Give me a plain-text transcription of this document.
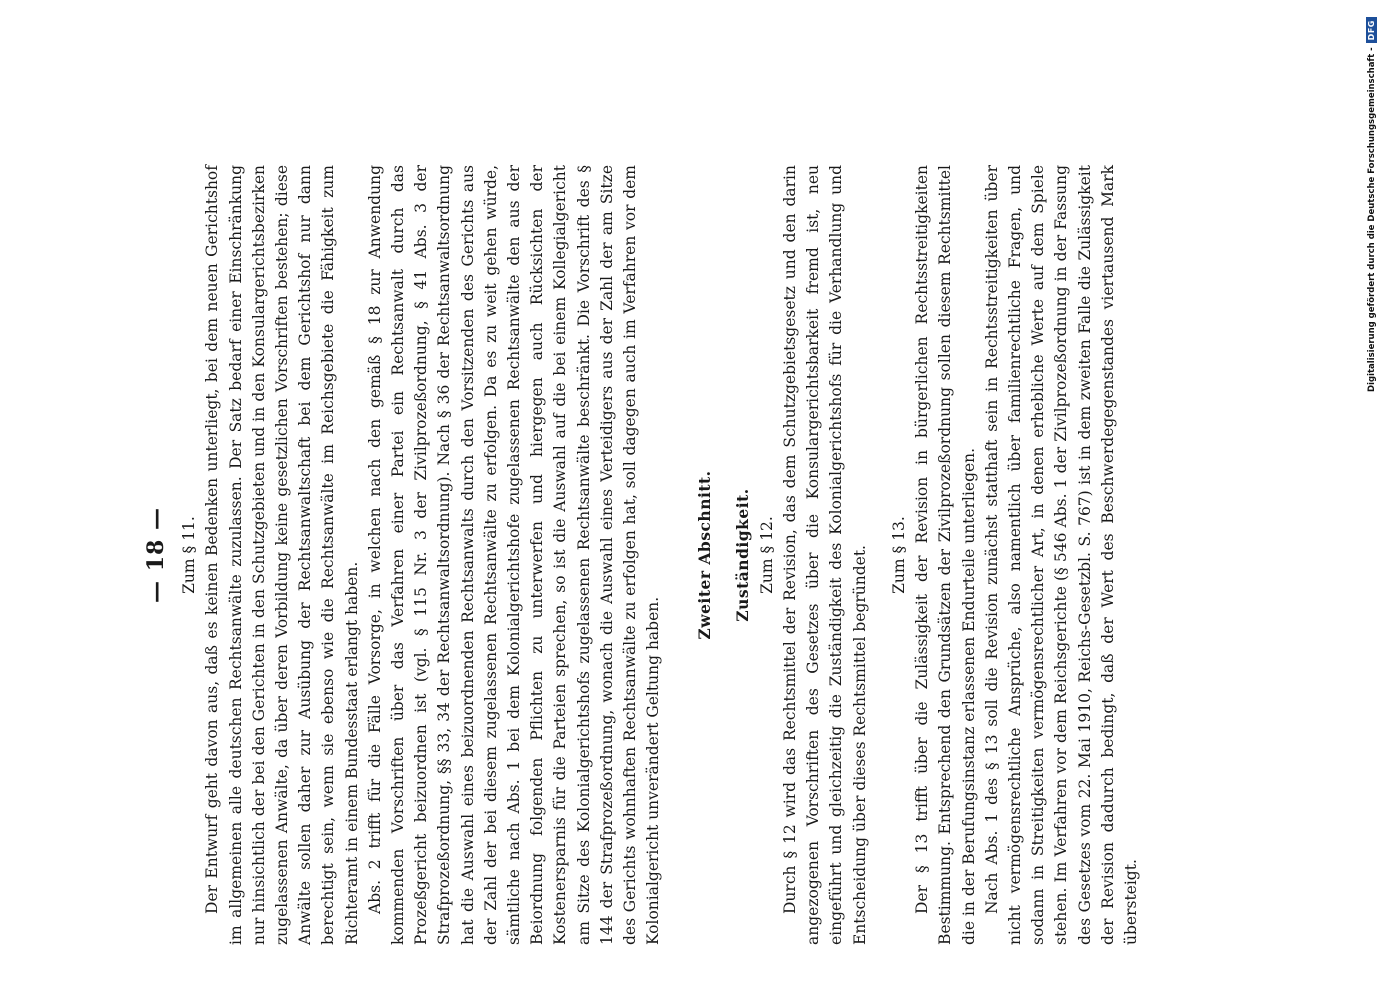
— 18 — Zum § 11. Der Entwurf geht davon aus, daß es keinen Bedenken unterliegt, bei dem neuen Gerichtshof im allgemeinen alle deutschen Rechtsanwälte zuzulassen. Der Satz bedarf einer Einschränkung nur hinsichtlich der bei den Gerichten in den Schutzgebieten und in den Konsulargerichtsbezirken zugelassenen Anwälte, da über deren Vorbildung keine gesetzlichen Vorschriften bestehen; diese Anwälte sollen daher zur Ausübung der Rechtsanwaltschaft bei dem Gerichtshof nur dann berechtigt sein, wenn sie ebenso wie die Rechtsanwälte im Reichsgebiete die Fähigkeit zum Richteramt in einem Bundesstaat erlangt haben. Abs. 2 trifft für die Fälle Vorsorge, in welchen nach den gemäß § 18 zur Anwendung kommenden Vorschriften über das Verfahren einer Partei ein Rechtsanwalt durch das Prozeßgericht beizuordnen ist (vgl. § 115 Nr. 3 der Zivilprozeßordnung, § 41 Abs. 3 der Strafprozeßordnung, §§ 33, 34 der Rechtsanwaltsordnung). Nach § 36 der Rechtsanwaltsordnung hat die Auswahl eines beizuordnenden Rechtsanwalts durch den Vorsitzenden des Gerichts aus der Zahl der bei diesem zugelassenen Rechtsanwälte zu erfolgen. Da es zu weit gehen würde, sämtliche nach Abs. 1 bei dem Kolonialgerichtshofe zugelassenen Rechtsanwälte den aus der Beiordnung folgenden Pflichten zu unterwerfen und hiergegen auch Rücksichten der Kostenersparnis für die Parteien sprechen, so ist die Auswahl auf die bei einem Kollegialgericht am Sitze des Kolonialgerichtshofs zugelassenen Rechtsanwälte beschränkt. Die Vorschrift des § 144 der Strafprozeßordnung, wonach die Auswahl eines Verteidigers aus der Zahl der am Sitze des Gerichts wohnhaften Rechtsanwälte zu erfolgen hat, soll dagegen auch im Verfahren vor dem Kolonialgericht unverändert Geltung haben.

Zweiter Abschnitt. Zuständigkeit. Zum § 12. Durch § 12 wird das Rechtsmittel der Revision, das dem Schutzgebietsgesetz und den darin angezogenen Vorschriften des Gesetzes über die Konsulargerichtsbarkeit fremd ist, neu eingeführt und gleichzeitig die Zuständigkeit des Kolonialgerichtshofs für die Verhandlung und Entscheidung über dieses Rechtsmittel begründet. Zum § 13. Der § 13 trifft über die Zulässigkeit der Revision in bürgerlichen Rechtsstreitigkeiten Bestimmung. Entsprechend den Grundsätzen der Zivilprozeßordnung sollen diesem Rechtsmittel die in der Berufungsinstanz erlassenen Endurteile unterliegen. Nach Abs. 1 des § 13 soll die Revision zunächst statthaft sein in Rechtsstreitigkeiten über nicht vermögensrechtliche Ansprüche, also namentlich über familienrechtliche Fragen, und sodann in Streitigkeiten vermögensrechtlicher Art, in denen erhebliche Werte auf dem Spiele stehen. Im Verfahren vor dem Reichsgerichte (§ 546 Abs. 1 der Zivilprozeßordnung in der Fassung des Gesetzes vom 22. Mai 1910, Reichs-Gesetzbl. S. 767) ist in dem zweiten Falle die Zulässigkeit der Revision dadurch bedingt, daß der Wert des Beschwerdegegenstandes viertausend Mark übersteigt.

Digitalisierung gefördert durch die Deutsche Forschungsgemeinschaft -
DFG
